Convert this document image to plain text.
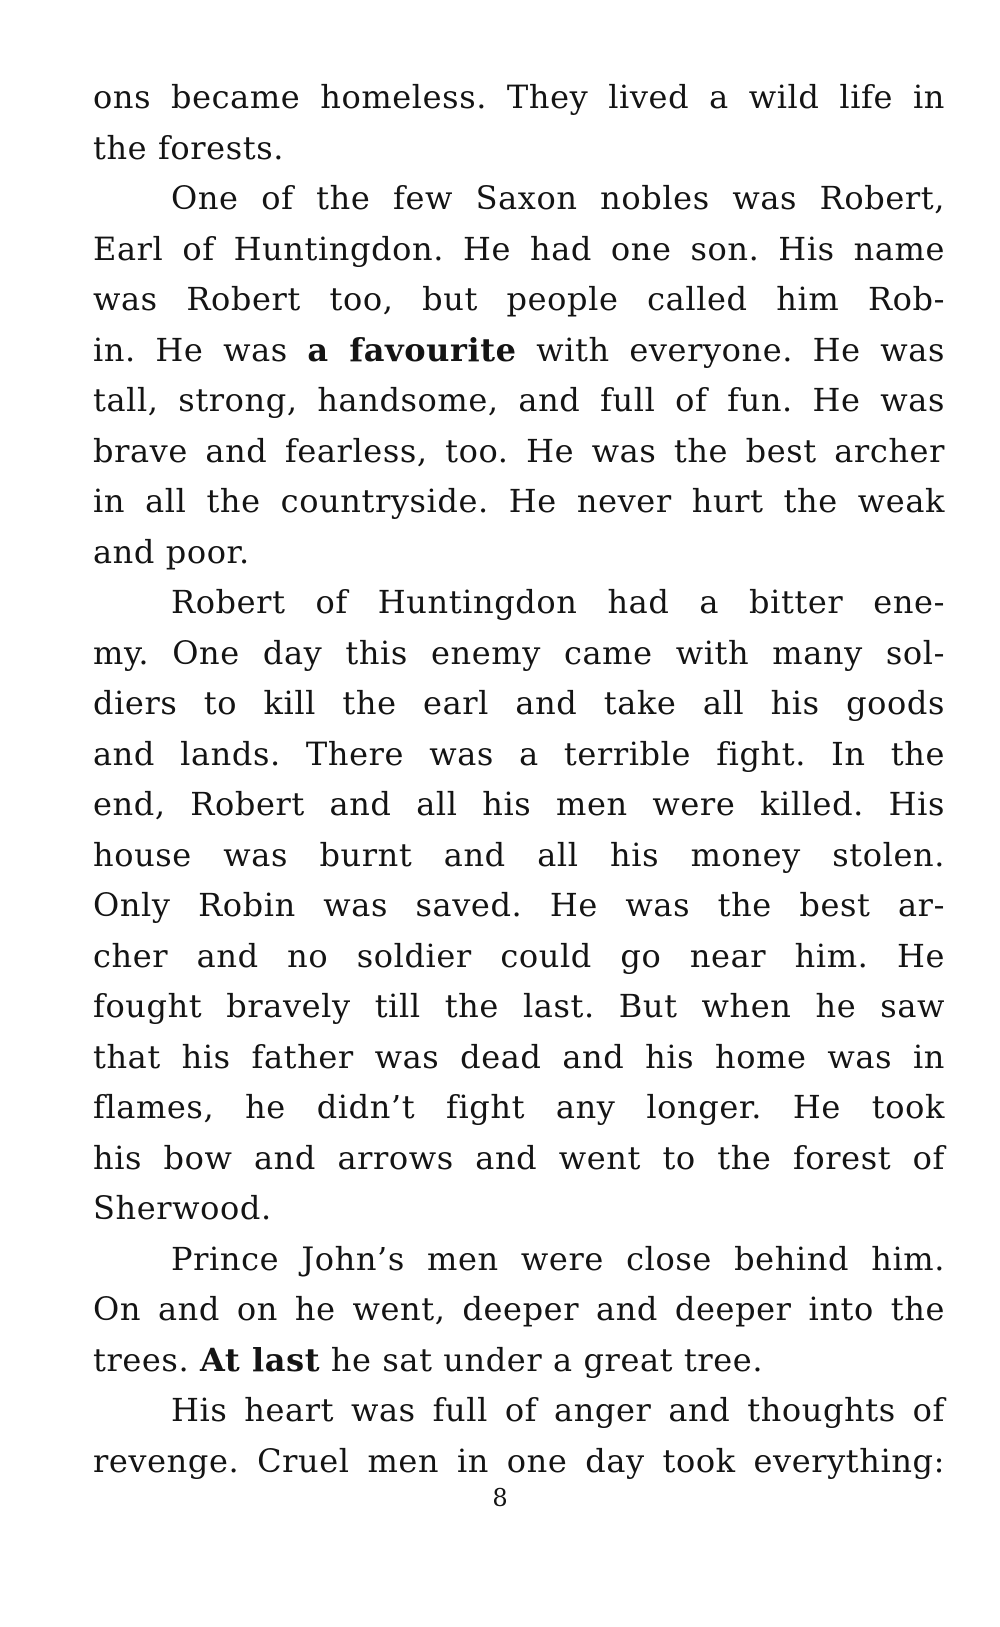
ons became homeless. They lived a wild life in
the forests.
One of the few Saxon nobles was Robert,
Earl of Huntingdon. He had one son. His name
was Robert too, but people called him Rob-
in. He was a favourite with everyone. He was
tall, strong, handsome, and full of fun. He was
brave and fearless, too. He was the best archer
in all the countryside. He never hurt the weak
and poor.
Robert of Huntingdon had a bitter ene-
my. One day this enemy came with many sol-
diers to kill the earl and take all his goods
and lands. There was a terrible fight. In the
end, Robert and all his men were killed. His
house was burnt and all his money stolen.
Only Robin was saved. He was the best ar-
cher and no soldier could go near him. He
fought bravely till the last. But when he saw
that his father was dead and his home was in
flames, he didn’t fight any longer. He took
his bow and arrows and went to the forest of
Sherwood.
Prince John’s men were close behind him.
On and on he went, deeper and deeper into the
trees. At last he sat under a great tree.
His heart was full of anger and thoughts of
revenge. Cruel men in one day took everything:
8
